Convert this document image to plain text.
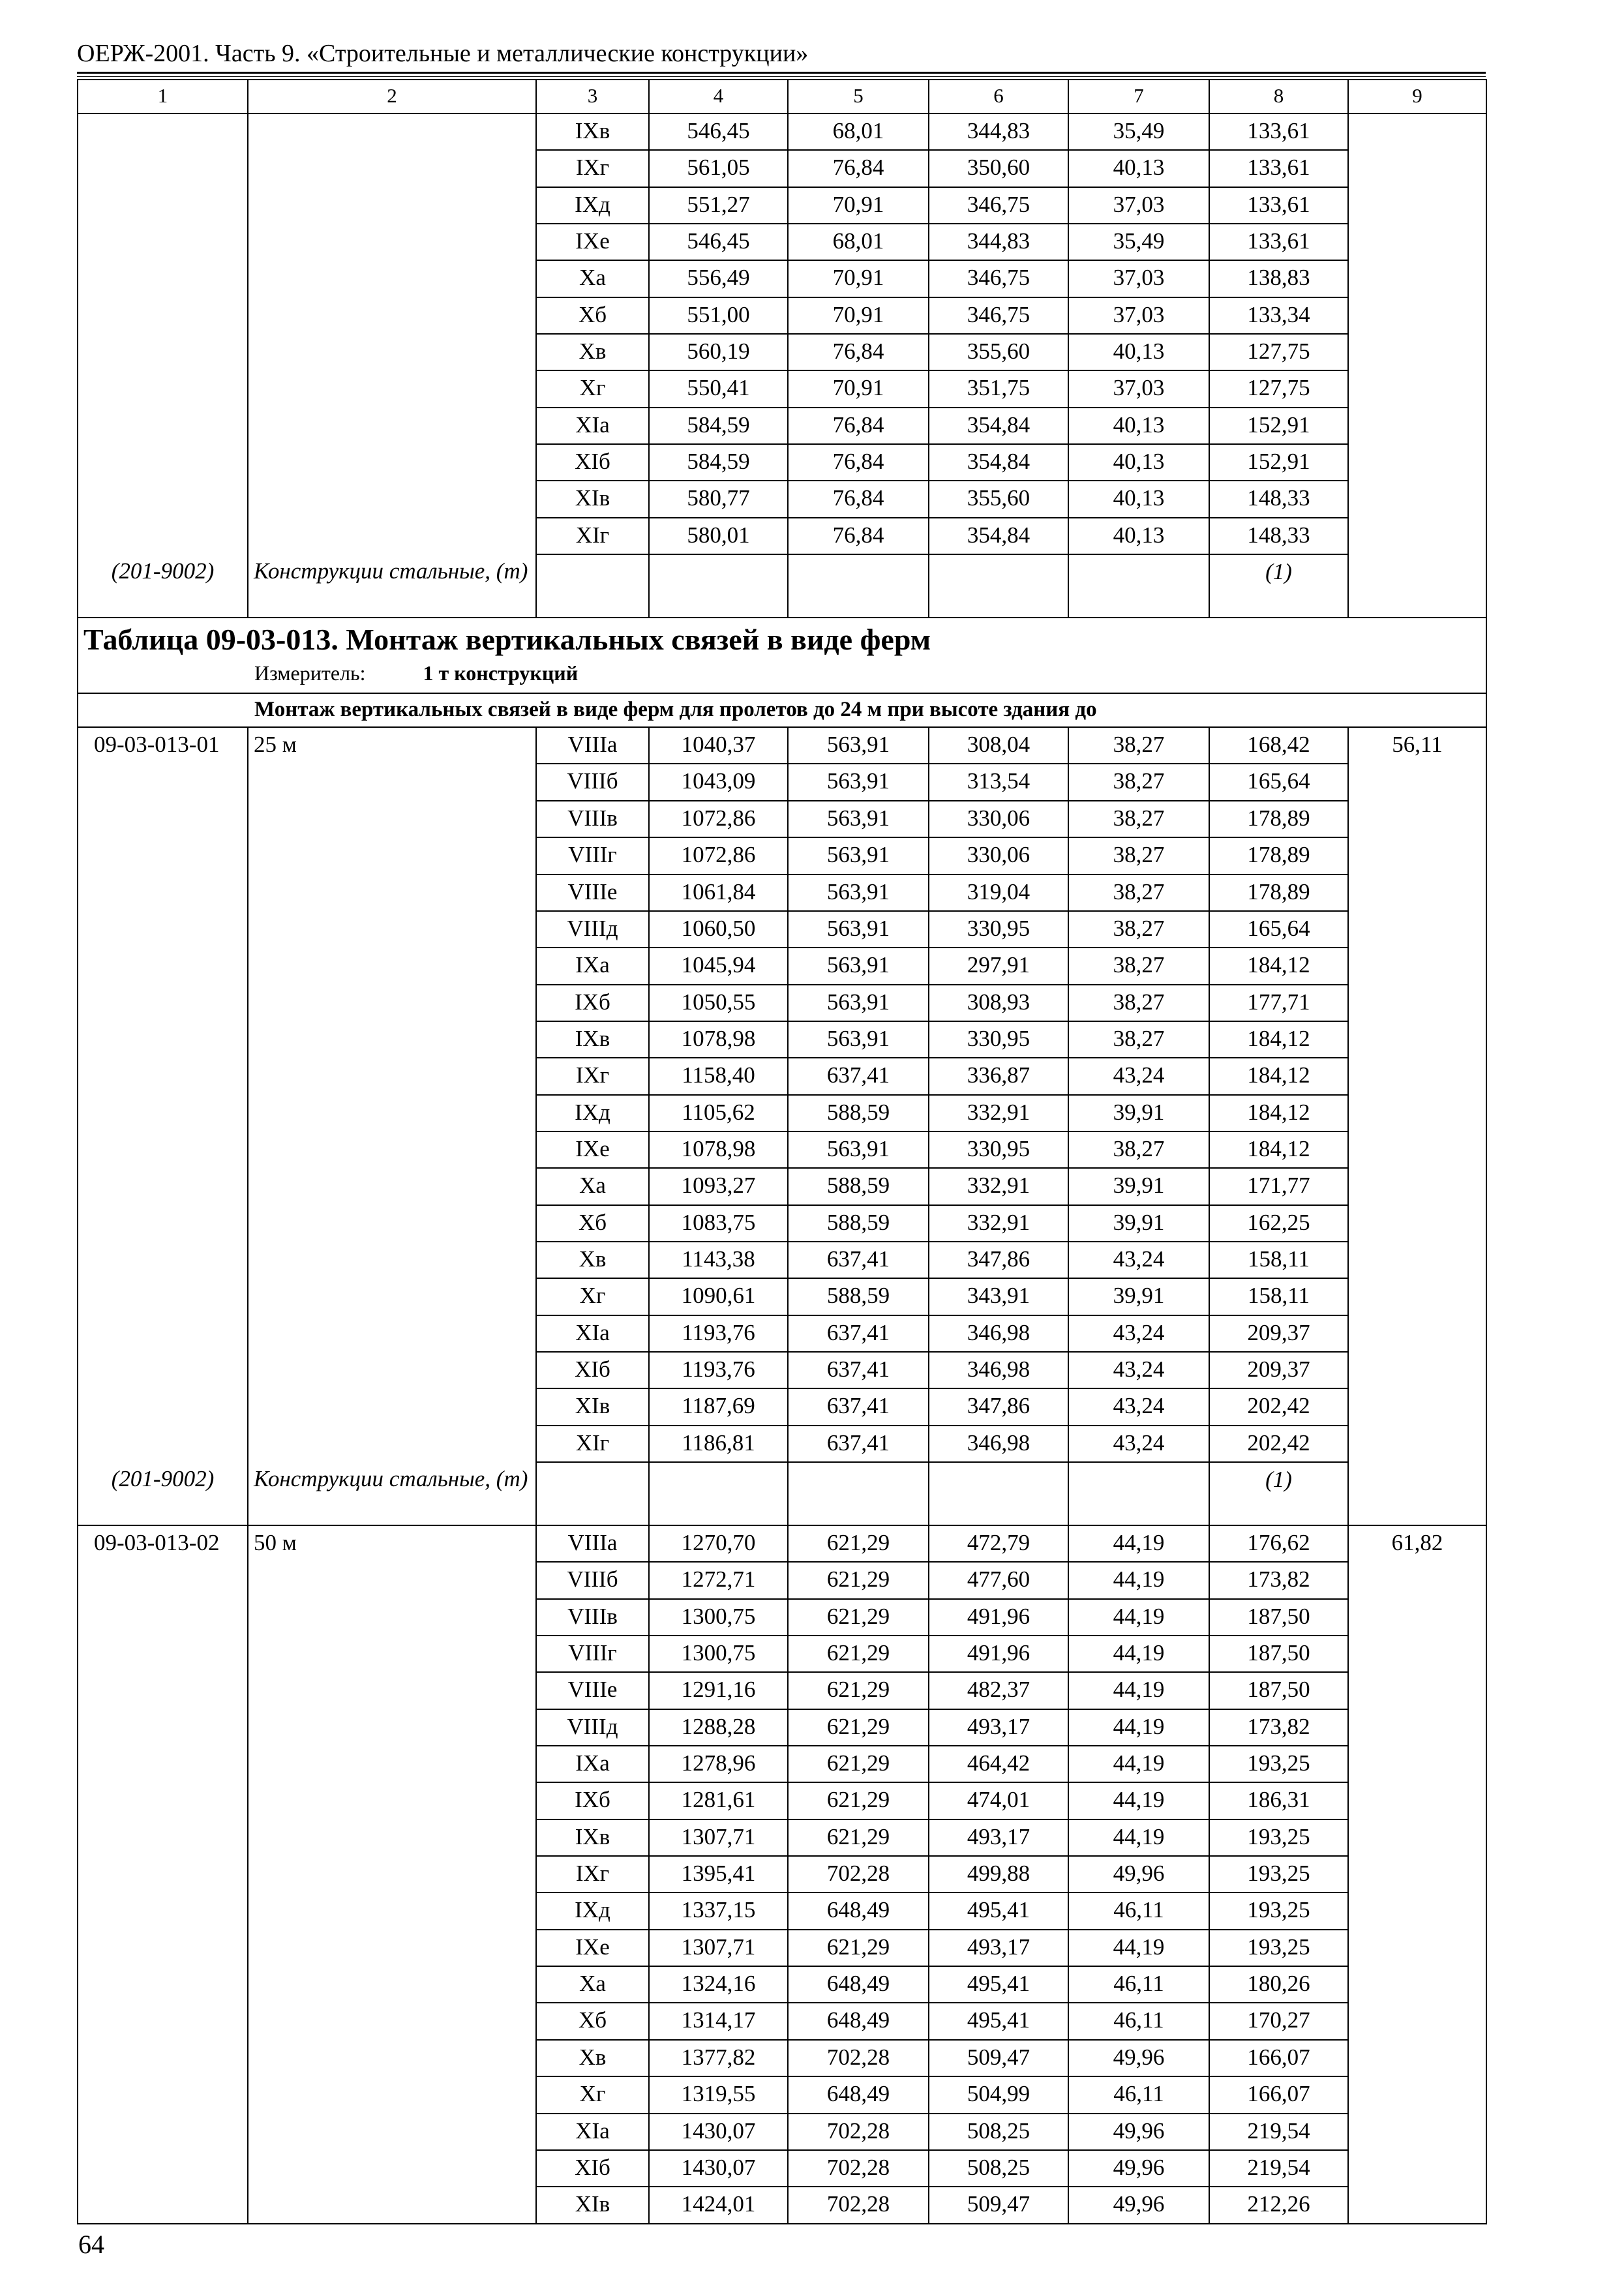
ОЕРЖ-2001. Часть 9. «Строительные и металлические конструкции»
1	2	3	4	5	6	7	8	9
		IXв	546,45	68,01	344,83	35,49	133,61	
		IXг	561,05	76,84	350,60	40,13	133,61	
		IXд	551,27	70,91	346,75	37,03	133,61	
		IXe	546,45	68,01	344,83	35,49	133,61	
		Xa	556,49	70,91	346,75	37,03	138,83	
		Xб	551,00	70,91	346,75	37,03	133,34	
		Xв	560,19	76,84	355,60	40,13	127,75	
		Xг	550,41	70,91	351,75	37,03	127,75	
		XIa	584,59	76,84	354,84	40,13	152,91	
		XIб	584,59	76,84	354,84	40,13	152,91	
		XIв	580,77	76,84	355,60	40,13	148,33	
		XIг	580,01	76,84	354,84	40,13	148,33	
(201-9002)	Конструкции стальные, (т)						(1)	

Таблица 09-03-013. Монтаж вертикальных связей в виде ферм
Измеритель: 1 т конструкций								

Монтаж вертикальных связей в виде ферм для пролетов до 24 м при высоте здания до								
09-03-013-01	25 м	VIIIa	1040,37	563,91	308,04	38,27	168,42	56,11
		VIIIб	1043,09	563,91	313,54	38,27	165,64	
		VIIIв	1072,86	563,91	330,06	38,27	178,89	
		VIIIг	1072,86	563,91	330,06	38,27	178,89	
		VIIIe	1061,84	563,91	319,04	38,27	178,89	
		VIIIд	1060,50	563,91	330,95	38,27	165,64	
		IXa	1045,94	563,91	297,91	38,27	184,12	
		IXб	1050,55	563,91	308,93	38,27	177,71	
		IXв	1078,98	563,91	330,95	38,27	184,12	
		IXг	1158,40	637,41	336,87	43,24	184,12	
		IXд	1105,62	588,59	332,91	39,91	184,12	
		IXe	1078,98	563,91	330,95	38,27	184,12	
		Xa	1093,27	588,59	332,91	39,91	171,77	
		Xб	1083,75	588,59	332,91	39,91	162,25	
		Xв	1143,38	637,41	347,86	43,24	158,11	
		Xг	1090,61	588,59	343,91	39,91	158,11	
		XIa	1193,76	637,41	346,98	43,24	209,37	
		XIб	1193,76	637,41	346,98	43,24	209,37	
		XIв	1187,69	637,41	347,86	43,24	202,42	
		XIг	1186,81	637,41	346,98	43,24	202,42	
(201-9002)	Конструкции стальные, (т)						(1)	
09-03-013-02	50 м	VIIIa	1270,70	621,29	472,79	44,19	176,62	61,82
		VIIIб	1272,71	621,29	477,60	44,19	173,82	
		VIIIв	1300,75	621,29	491,96	44,19	187,50	
		VIIIг	1300,75	621,29	491,96	44,19	187,50	
		VIIIe	1291,16	621,29	482,37	44,19	187,50	
		VIIIд	1288,28	621,29	493,17	44,19	173,82	
		IXa	1278,96	621,29	464,42	44,19	193,25	
		IXб	1281,61	621,29	474,01	44,19	186,31	
		IXв	1307,71	621,29	493,17	44,19	193,25	
		IXг	1395,41	702,28	499,88	49,96	193,25	
		IXд	1337,15	648,49	495,41	46,11	193,25	
		IXe	1307,71	621,29	493,17	44,19	193,25	
		Xa	1324,16	648,49	495,41	46,11	180,26	
		Xб	1314,17	648,49	495,41	46,11	170,27	
		Xв	1377,82	702,28	509,47	49,96	166,07	
		Xг	1319,55	648,49	504,99	46,11	166,07	
		XIa	1430,07	702,28	508,25	49,96	219,54	
		XIб	1430,07	702,28	508,25	49,96	219,54	
		XIв	1424,01	702,28	509,47	49,96	212,26	
64
